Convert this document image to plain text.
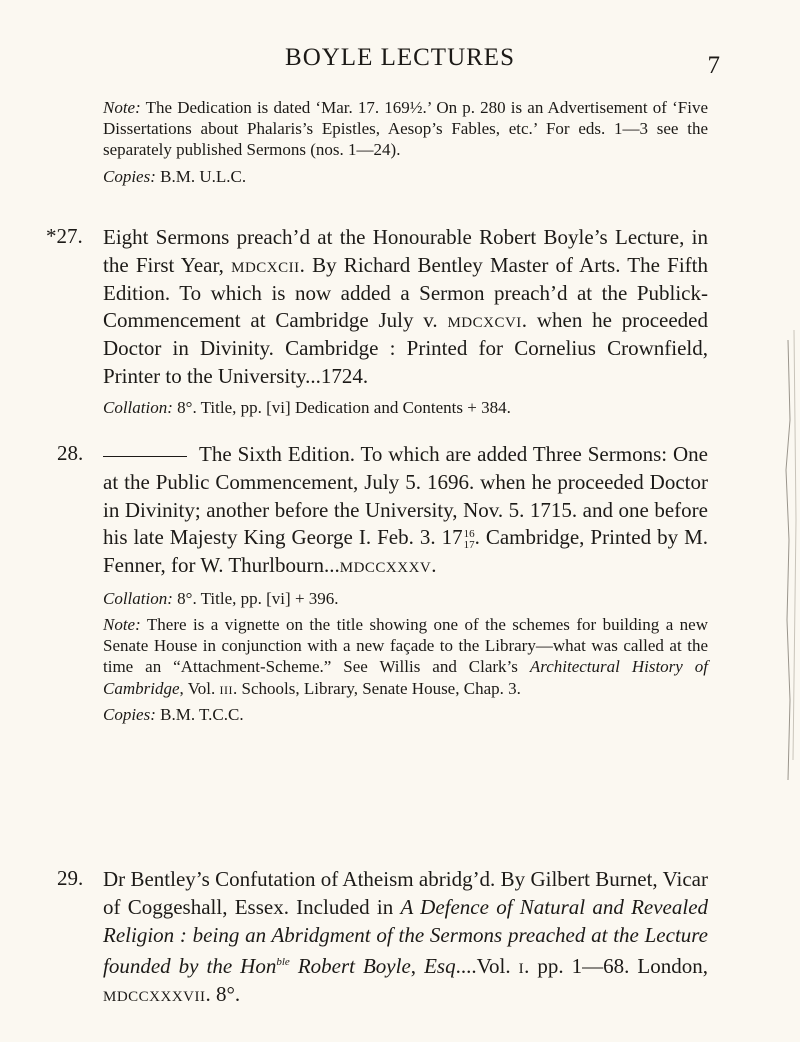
BOYLE LECTURES	7

Note: The Dedication is dated ‘Mar. 17. 169½.’ On p. 280 is an Advertisement of ‘Five Dissertations about Phalaris’s Epistles, Aesop’s Fables, etc.’ For eds. 1—3 see the separately published Sermons (nos. 1—24).

Copies: B.M. U.L.C.

*27. Eight Sermons preach’d at the Honourable Robert Boyle’s Lecture, in the First Year, mdcxcii. By Richard Bentley Master of Arts. The Fifth Edition. To which is now added a Sermon preach’d at the Publick-Commencement at Cambridge July v. mdcxcvi. when he proceeded Doctor in Divinity. Cambridge : Printed for Cornelius Crownfield, Printer to the University...1724.

Collation: 8°. Title, pp. [vi] Dedication and Contents + 384.

28.	The Sixth Edition. To which are added Three Sermons: One at the Public Commencement, July 5. 1696. when he proceeded Doctor in Divinity; another before the University, Nov. 5. 1715. and one before his late Majesty King George I. Feb. 3. 17 16
17 . Cambridge, Printed by M. Fenner, for W. Thurlbourn...mdccxxxv.

Collation: 8°. Title, pp. [vi] + 396.

Note: There is a vignette on the title showing one of the schemes for building a new Senate House in conjunction with a new façade to the Library—what was called at the time an “Attachment-Scheme.” See Willis and Clark’s Architectural History of Cambridge, Vol. iii. Schools, Library, Senate House, Chap. 3.

Copies: B.M. T.C.C.

29. Dr Bentley’s Confutation of Atheism abridg’d. By Gilbert Burnet, Vicar of Coggeshall, Essex. Included in A Defence of Natural and Revealed Religion : being an Abridgment of the Sermons preached at the Lecture founded by the Hon$^{ble}$ Robert Boyle, Esq....Vol. i. pp. 1—68. London, mdccxxxvii. 8°.
